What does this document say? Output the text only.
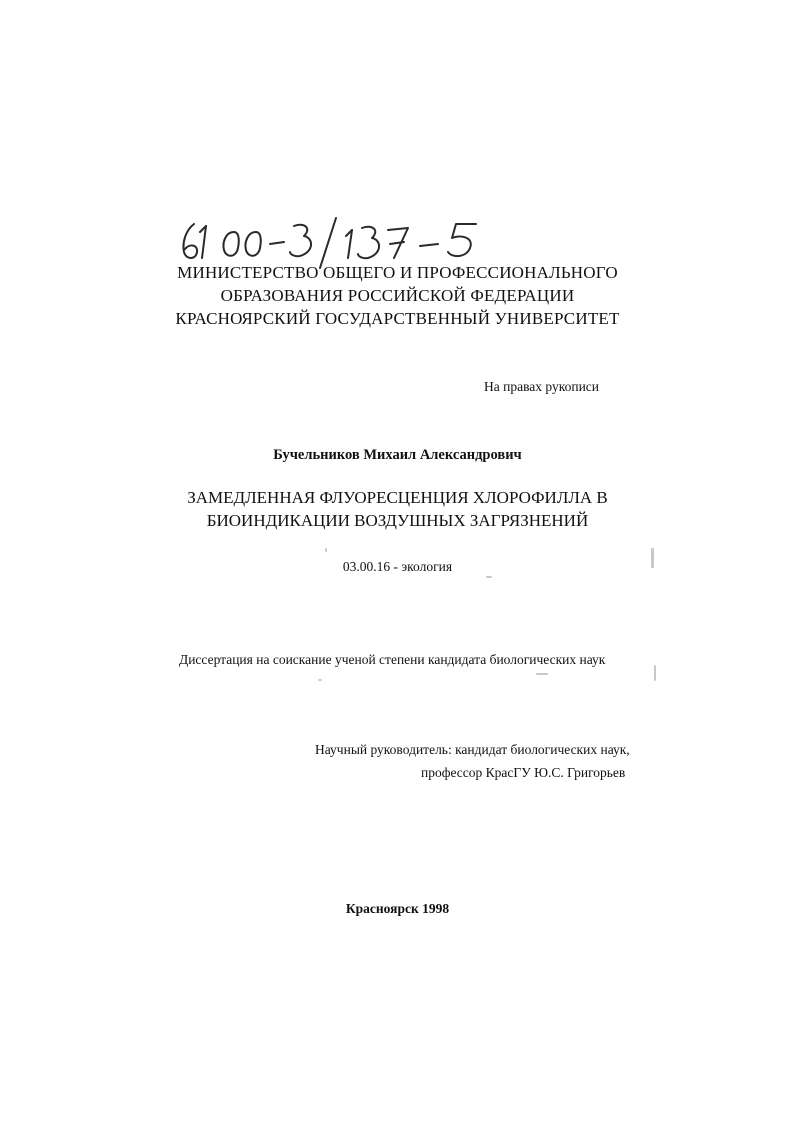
МИНИСТЕРСТВО ОБЩЕГО И ПРОФЕССИОНАЛЬНОГО
ОБРАЗОВАНИЯ РОССИЙСКОЙ ФЕДЕРАЦИИ
КРАСНОЯРСКИЙ ГОСУДАРСТВЕННЫЙ УНИВЕРСИТЕТ
На правах рукописи
Бучельников Михаил Александрович
ЗАМЕДЛЕННАЯ ФЛУОРЕСЦЕНЦИЯ ХЛОРОФИЛЛА В
БИОИНДИКАЦИИ ВОЗДУШНЫХ ЗАГРЯЗНЕНИЙ
03.00.16 - экология
Диссертация на соискание ученой степени кандидата биологических наук
Научный руководитель: кандидат биологических наук,
профессор КрасГУ Ю.С. Григорьев
Красноярск 1998
